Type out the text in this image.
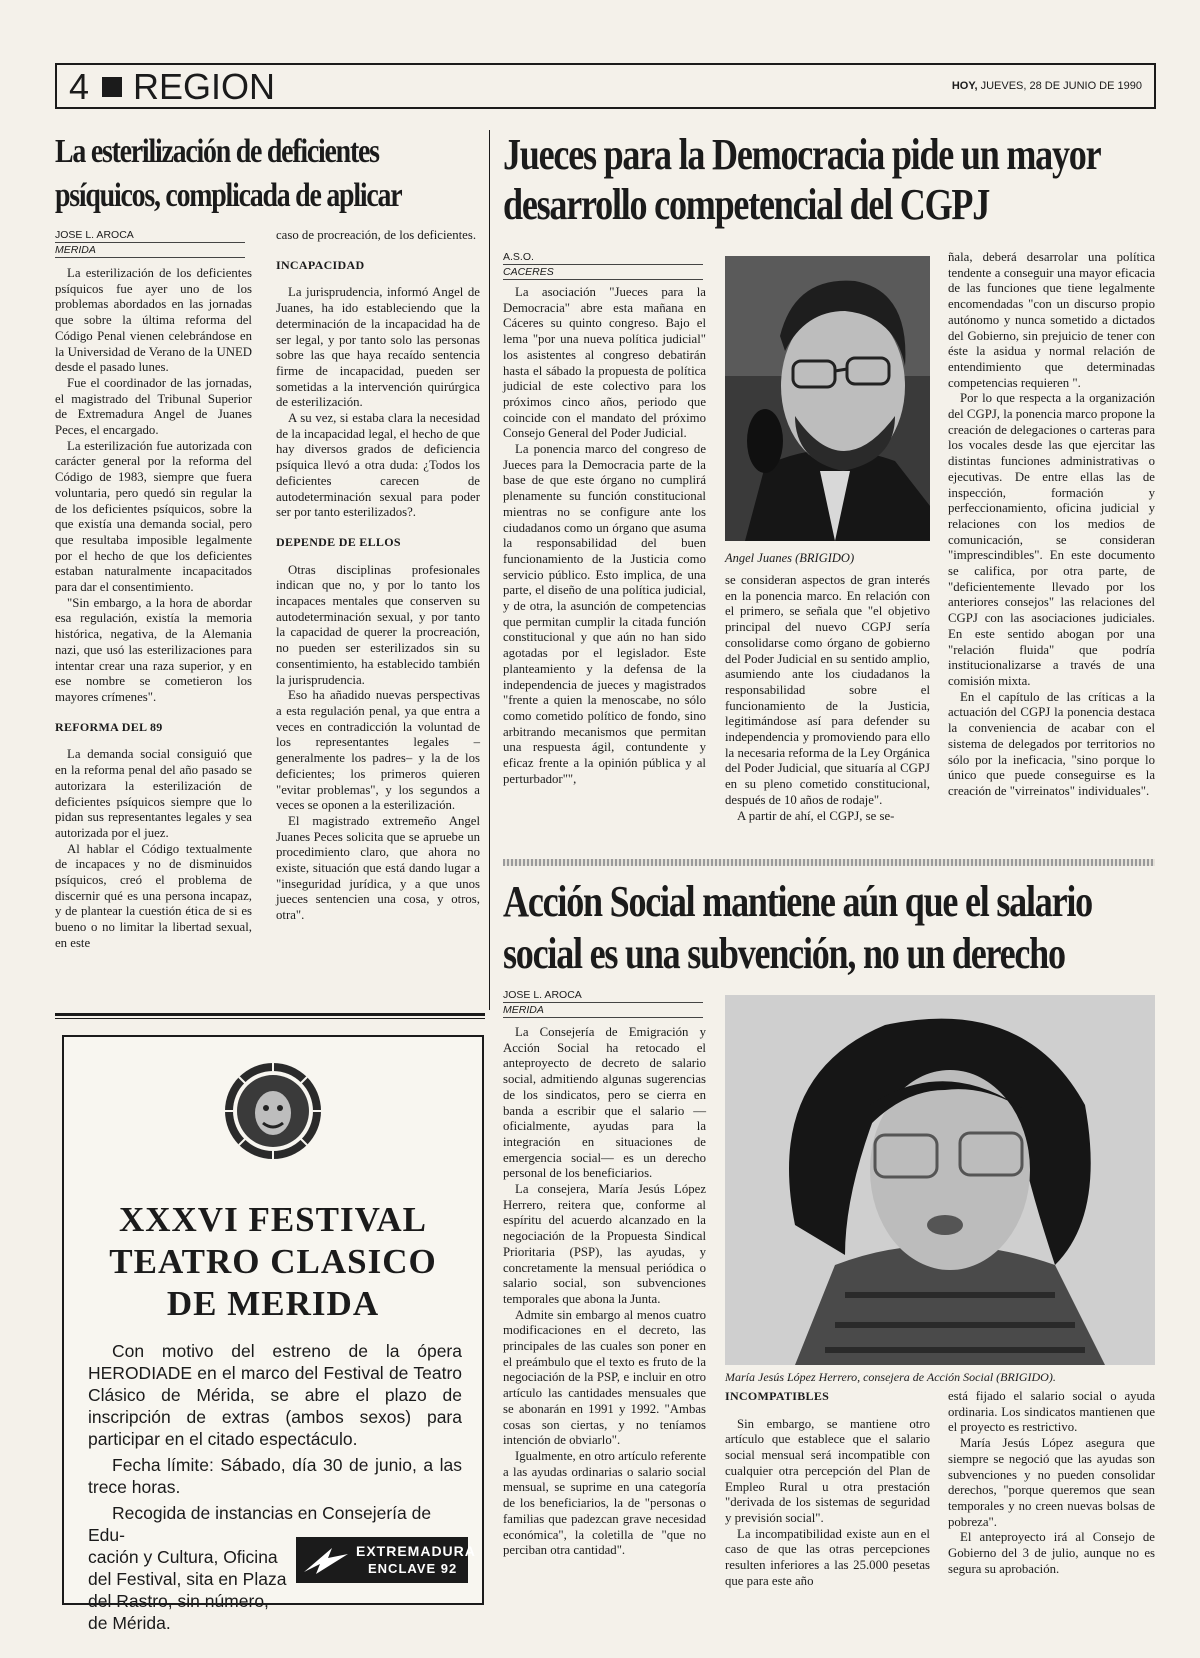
4 REGION	HOY, JUEVES, 28 DE JUNIO DE 1990
La esterilización de deficientes
psíquicos, complicada de aplicar
JOSE L. AROCA
MERIDA

La esterilización de los deficientes psíquicos fue ayer uno de los problemas abordados en las jornadas que sobre la última reforma del Código Penal vienen celebrándose en la Universidad de Verano de la UNED desde el pasado lunes.

Fue el coordinador de las jornadas, el magistrado del Tribunal Superior de Extremadura Angel de Juanes Peces, el encargado.

La esterilización fue autorizada con carácter general por la reforma del Código de 1983, siempre que fuera voluntaria, pero quedó sin regular la de los deficientes psíquicos, sobre la que existía una demanda social, pero que resultaba imposible legalmente por el hecho de que los deficientes estaban naturalmente incapacitados para dar el consentimiento.

"Sin embargo, a la hora de abordar esa regulación, existía la memoria histórica, negativa, de la Alemania nazi, que usó las esterilizaciones para intentar crear una raza superior, y en ese nombre se cometieron los mayores crímenes".

REFORMA DEL 89

La demanda social consiguió que en la reforma penal del año pasado se autorizara la esterilización de deficientes psíquicos siempre que lo pidan sus representantes legales y sea autorizada por el juez.

Al hablar el Código textualmente de incapaces y no de disminuidos psíquicos, creó el problema de discernir qué es una persona incapaz, y de plantear la cuestión ética de si es bueno o no limitar la libertad sexual, en este

caso de procreación, de los deficientes.

INCAPACIDAD

La jurisprudencia, informó Angel de Juanes, ha ido estableciendo que la determinación de la incapacidad ha de ser legal, y por tanto solo las personas sobre las que haya recaído sentencia firme de incapacidad, pueden ser sometidas a la intervención quirúrgica de esterilización.

A su vez, si estaba clara la necesidad de la incapacidad legal, el hecho de que hay diversos grados de deficiencia psíquica llevó a otra duda: ¿Todos los deficientes carecen de autodeterminación sexual para poder ser por tanto esterilizados?.

DEPENDE DE ELLOS

Otras disciplinas profesionales indican que no, y por lo tanto los incapaces mentales que conserven su autodeterminación sexual, y por tanto la capacidad de querer la procreación, no pueden ser esterilizados sin su consentimiento, ha establecido también la jurisprudencia.

Eso ha añadido nuevas perspectivas a esta regulación penal, ya que entra a veces en contradicción la voluntad de los representantes legales –generalmente los padres– y la de los deficientes; los primeros quieren "evitar problemas", y los segundos a veces se oponen a la esterilización.

El magistrado extremeño Angel Juanes Peces solicita que se apruebe un procedimiento claro, que ahora no existe, situación que está dando lugar a "inseguridad jurídica, y a que unos jueces sentencien una cosa, y otros, otra".

Jueces para la Democracia pide un mayor
desarrollo competencial del CGPJ
A.S.O.
CACERES

La asociación "Jueces para la Democracia" abre esta mañana en Cáceres su quinto congreso. Bajo el lema "por una nueva política judicial" los asistentes al congreso debatirán hasta el sábado la propuesta de política judicial de este colectivo para los próximos cinco años, periodo que coincide con el mandato del próximo Consejo General del Poder Judicial.

La ponencia marco del congreso de Jueces para la Democracia parte de la base de que este órgano no cumplirá plenamente su función constitucional mientras no se configure ante los ciudadanos como un órgano que asuma la responsabilidad del buen funcionamiento de la Justicia como servicio público. Esto implica, de una parte, el diseño de una política judicial, y de otra, la asunción de competencias que permitan cumplir la citada función constitucional y que aún no han sido agotadas por el legislador. Este planteamiento y la defensa de la independencia de jueces y magistrados "frente a quien la menoscabe, no sólo como cometido político de fondo, sino arbitrando mecanismos que permitan una respuesta ágil, contundente y eficaz frente a la opinión pública y al perturbador"",

Angel Juanes (BRIGIDO)

se consideran aspectos de gran interés en la ponencia marco. En relación con el primero, se señala que "el objetivo principal del nuevo CGPJ sería consolidarse como órgano de gobierno del Poder Judicial en su sentido amplio, asumiendo ante los ciudadanos la responsabilidad sobre el funcionamiento de la Justicia, legitimándose así para defender su independencia y promoviendo para ello la necesaria reforma de la Ley Orgánica del Poder Judicial, que situaría al CGPJ en su pleno cometido constitucional, después de 10 años de rodaje".

A partir de ahí, el CGPJ, se se-

ñala, deberá desarrolar una política tendente a conseguir una mayor eficacia de las funciones que tiene legalmente encomendadas "con un discurso propio autónomo y nunca sometido a dictados del Gobierno, sin prejuicio de tener con éste la asidua y normal relación de entendimiento que determinadas competencias requieren ".

Por lo que respecta a la organización del CGPJ, la ponencia marco propone la creación de delegaciones o carteras para los vocales desde las que ejercitar las distintas funciones administrativas o ejecutivas. De entre ellas las de inspección, formación y perfeccionamiento, oficina judicial y relaciones con los medios de comunicación, se consideran "imprescindibles". En este documento se califica, por otra parte, de "deficientemente llevado por los anteriores consejos" las relaciones del CGPJ con las asociaciones judiciales. En este sentido abogan por una "relación fluida" que podría institucionalizarse a través de una comisión mixta.

En el capítulo de las críticas a la actuación del CGPJ la ponencia destaca la conveniencia de acabar con el sistema de delegados por territorios no sólo por la ineficacia, "sino porque lo único que puede conseguirse es la creación de "virreinatos" individuales".

Acción Social mantiene aún que el salario
social es una subvención, no un derecho
JOSE L. AROCA
MERIDA

La Consejería de Emigración y Acción Social ha retocado el anteproyecto de decreto de salario social, admitiendo algunas sugerencias de los sindicatos, pero se cierra en banda a escribir que el salario —oficialmente, ayudas para la integración en situaciones de emergencia social— es un derecho personal de los beneficiarios.

La consejera, María Jesús López Herrero, reitera que, conforme al espíritu del acuerdo alcanzado en la negociación de la Propuesta Sindical Prioritaria (PSP), las ayudas, y concretamente la mensual periódica o salario social, son subvenciones temporales que abona la Junta.

Admite sin embargo al menos cuatro modificaciones en el decreto, las principales de las cuales son poner en el preámbulo que el texto es fruto de la negociación de la PSP, e incluir en otro artículo las cantidades mensuales que se abonarán en 1991 y 1992. "Ambas cosas son ciertas, y no teníamos intención de obviarlo".

Igualmente, en otro artículo referente a las ayudas ordinarias o salario social mensual, se suprime en una categoría de los beneficiarios, la de "personas o familias que padezcan grave necesidad económica", la coletilla de "que no perciban otra cantidad".

María Jesús López Herrero, consejera de Acción Social (BRIGIDO).

INCOMPATIBLES

Sin embargo, se mantiene otro artículo que establece que el salario social mensual será incompatible con cualquier otra percepción del Plan de Empleo Rural u otra prestación "derivada de los sistemas de seguridad y previsión social".

La incompatibilidad existe aun en el caso de que las otras percepciones resulten inferiores a las 25.000 pesetas que para este año

está fijado el salario social o ayuda ordinaria. Los sindicatos mantienen que el proyecto es restrictivo.

María Jesús López asegura que siempre se negoció que las ayudas son subvenciones y no pueden consolidar derechos, "porque queremos que sean temporales y no creen nuevas bolsas de pobreza".

El anteproyecto irá al Consejo de Gobierno del 3 de julio, aunque no es segura su aprobación.

XXXVI FESTIVAL
TEATRO CLASICO
DE MERIDA

Con motivo del estreno de la ópera HERODIADE en el marco del Festival de Teatro Clásico de Mérida, se abre el plazo de inscripción de extras (ambos sexos) para participar en el citado espectáculo.

Fecha límite: Sábado, día 30 de junio, a las trece horas.

Recogida de instancias en Consejería de Edu-
cación y Cultura, Oficina
del Festival, sita en Plaza
del Rastro, sin número,
de Mérida.
EXTREMADURA
ENCLAVE 92
